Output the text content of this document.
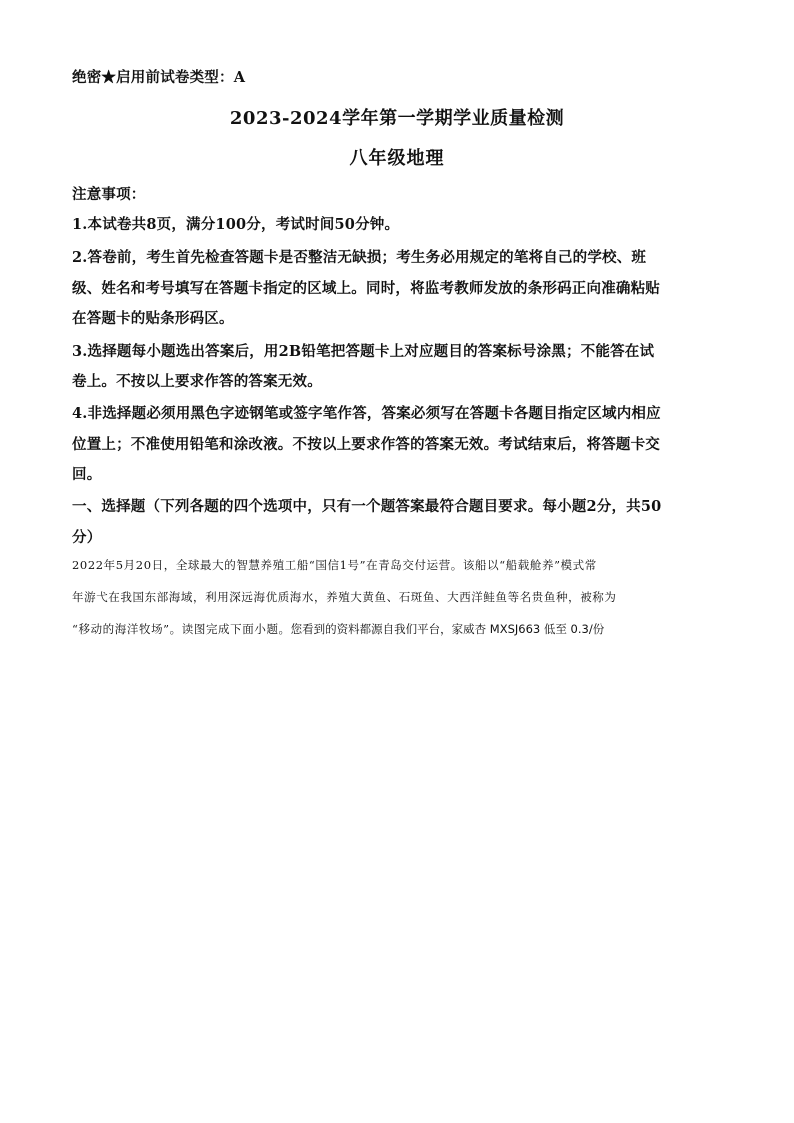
绝密★启用前试卷类型：A
2023-2024学年第一学期学业质量检测
八年级地理
注意事项：
1.本试卷共8页，满分100分，考试时间50分钟。
2.答卷前，考生首先检查答题卡是否整洁无缺损；考生务必用规定的笔将自己的学校、班
级、姓名和考号填写在答题卡指定的区域上。同时，将监考教师发放的条形码正向准确粘贴
在答题卡的贴条形码区。
3.选择题每小题选出答案后，用2B铅笔把答题卡上对应题目的答案标号涂黑；不能答在试
卷上。不按以上要求作答的答案无效。
4.非选择题必须用黑色字迹钢笔或签字笔作答，答案必须写在答题卡各题目指定区域内相应
位置上；不准使用铅笔和涂改液。不按以上要求作答的答案无效。考试结束后，将答题卡交
回。
一、选择题（下列各题的四个选项中，只有一个题答案最符合题目要求。每小题2分，共50
分）
2022年5月20日，全球最大的智慧养殖工船“国信1号”在青岛交付运营。该船以“船载舱养”模式常
年游弋在我国东部海域，利用深远海优质海水，养殖大黄鱼、石斑鱼、大西洋鲑鱼等名贵鱼种，被称为
“移动的海洋牧场”。读图完成下面小题。您看到的资料都源自我们平台，家威杏 MXSJ663 低至 0.3/份
